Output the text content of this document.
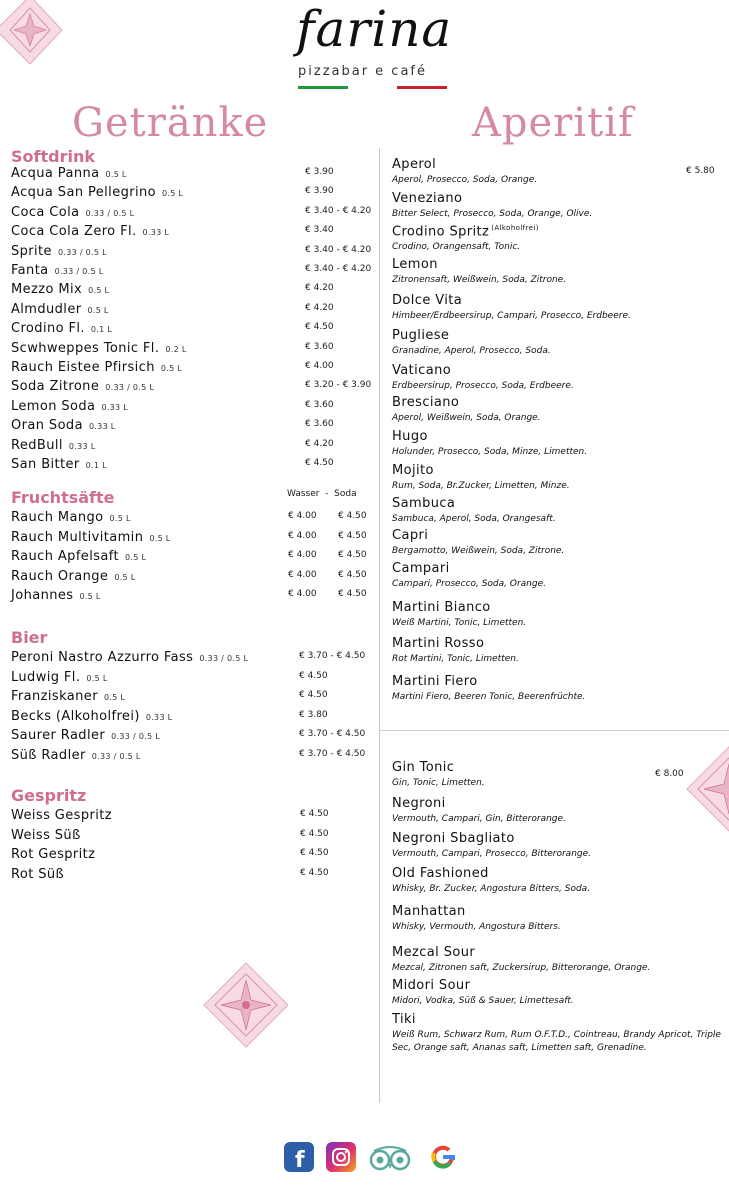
farina
pizzabar e café
Getränke	Aperitif
Softdrink
Acqua Panna 0.5 L	€ 3.90
Acqua San Pellegrino 0.5 L	€ 3.90
Coca Cola 0.33 / 0.5 L	€ 3.40 - € 4.20
Coca Cola Zero Fl. 0.33 L	€ 3.40
Sprite 0.33 / 0.5 L	€ 3.40 - € 4.20
Fanta 0.33 / 0.5 L	€ 3.40 - € 4.20
Mezzo Mix 0.5 L	€ 4.20
Almdudler 0.5 L	€ 4.20
Crodino Fl. 0.1 L	€ 4.50
Scwhweppes Tonic Fl. 0.2 L	€ 3.60
Rauch Eistee Pfirsich 0.5 L	€ 4.00
Soda Zitrone 0.33 / 0.5 L	€ 3.20 - € 3.90
Lemon Soda 0.33 L	€ 3.60
Oran Soda 0.33 L	€ 3.60
RedBull 0.33 L	€ 4.20
San Bitter 0.1 L	€ 4.50
Fruchtsäfte	Wasser  -  Soda
Rauch Mango 0.5 L	€ 4.00 € 4.50
Rauch Multivitamin 0.5 L	€ 4.00 € 4.50
Rauch Apfelsaft 0.5 L	€ 4.00 € 4.50
Rauch Orange 0.5 L	€ 4.00 € 4.50
Johannes 0.5 L	€ 4.00 € 4.50
Bier
Peroni Nastro Azzurro Fass 0.33 / 0.5 L	€ 3.70 - € 4.50
Ludwig Fl. 0.5 L	€ 4.50
Franziskaner 0.5 L	€ 4.50
Becks (Alkoholfrei) 0.33 L	€ 3.80
Saurer Radler 0.33 / 0.5 L	€ 3.70 - € 4.50
Süß Radler 0.33 / 0.5 L	€ 3.70 - € 4.50
Gespritz
Weiss Gespritz	€ 4.50
Weiss Süß	€ 4.50
Rot Gespritz	€ 4.50
Rot Süß	€ 4.50
€ 5.80
Aperol
Aperol, Prosecco, Soda, Orange.
Veneziano
Bitter Select, Prosecco, Soda, Orange, Olive.
Crodino Spritz $^{(Alkoholfrei)}$
Crodino, Orangensaft, Tonic.
Lemon
Zitronensaft, Weißwein, Soda, Zitrone.
Dolce Vita
Himbeer/Erdbeersirup, Campari, Prosecco, Erdbeere.
Pugliese
Granadine, Aperol, Prosecco, Soda.
Vaticano
Erdbeersirup, Prosecco, Soda, Erdbeere.
Bresciano
Aperol, Weißwein, Soda, Orange.
Hugo
Holunder, Prosecco, Soda, Minze, Limetten.
Mojito
Rum, Soda, Br.Zucker, Limetten, Minze.
Sambuca
Sambuca, Aperol, Soda, Orangesaft.
Capri
Bergamotto, Weißwein, Soda, Zitrone.
Campari
Campari, Prosecco, Soda, Orange.
Martini Bianco
Weiß Martini, Tonic, Limetten.
Martini Rosso
Rot Martini, Tonic, Limetten.
Martini Fiero
Martini Fiero, Beeren Tonic, Beerenfrüchte.
€ 8.00
Gin Tonic
Gin, Tonic, Limetten.
Negroni
Vermouth, Campari, Gin, Bitterorange.
Negroni Sbagliato
Vermouth, Campari, Prosecco, Bitterorange.
Old Fashioned
Whisky, Br. Zucker, Angostura Bitters, Soda.
Manhattan
Whisky, Vermouth, Angostura Bitters.
Mezcal Sour
Mezcal, Zitronen saft, Zuckersirup, Bitterorange, Orange.
Midori Sour
Midori, Vodka, Süß & Sauer, Limettesaft.
Tiki
Weiß Rum, Schwarz Rum, Rum O.F.T.D., Cointreau, Brandy Apricot, Triple Sec, Orange saft, Ananas saft, Limetten saft, Grenadine.
f
